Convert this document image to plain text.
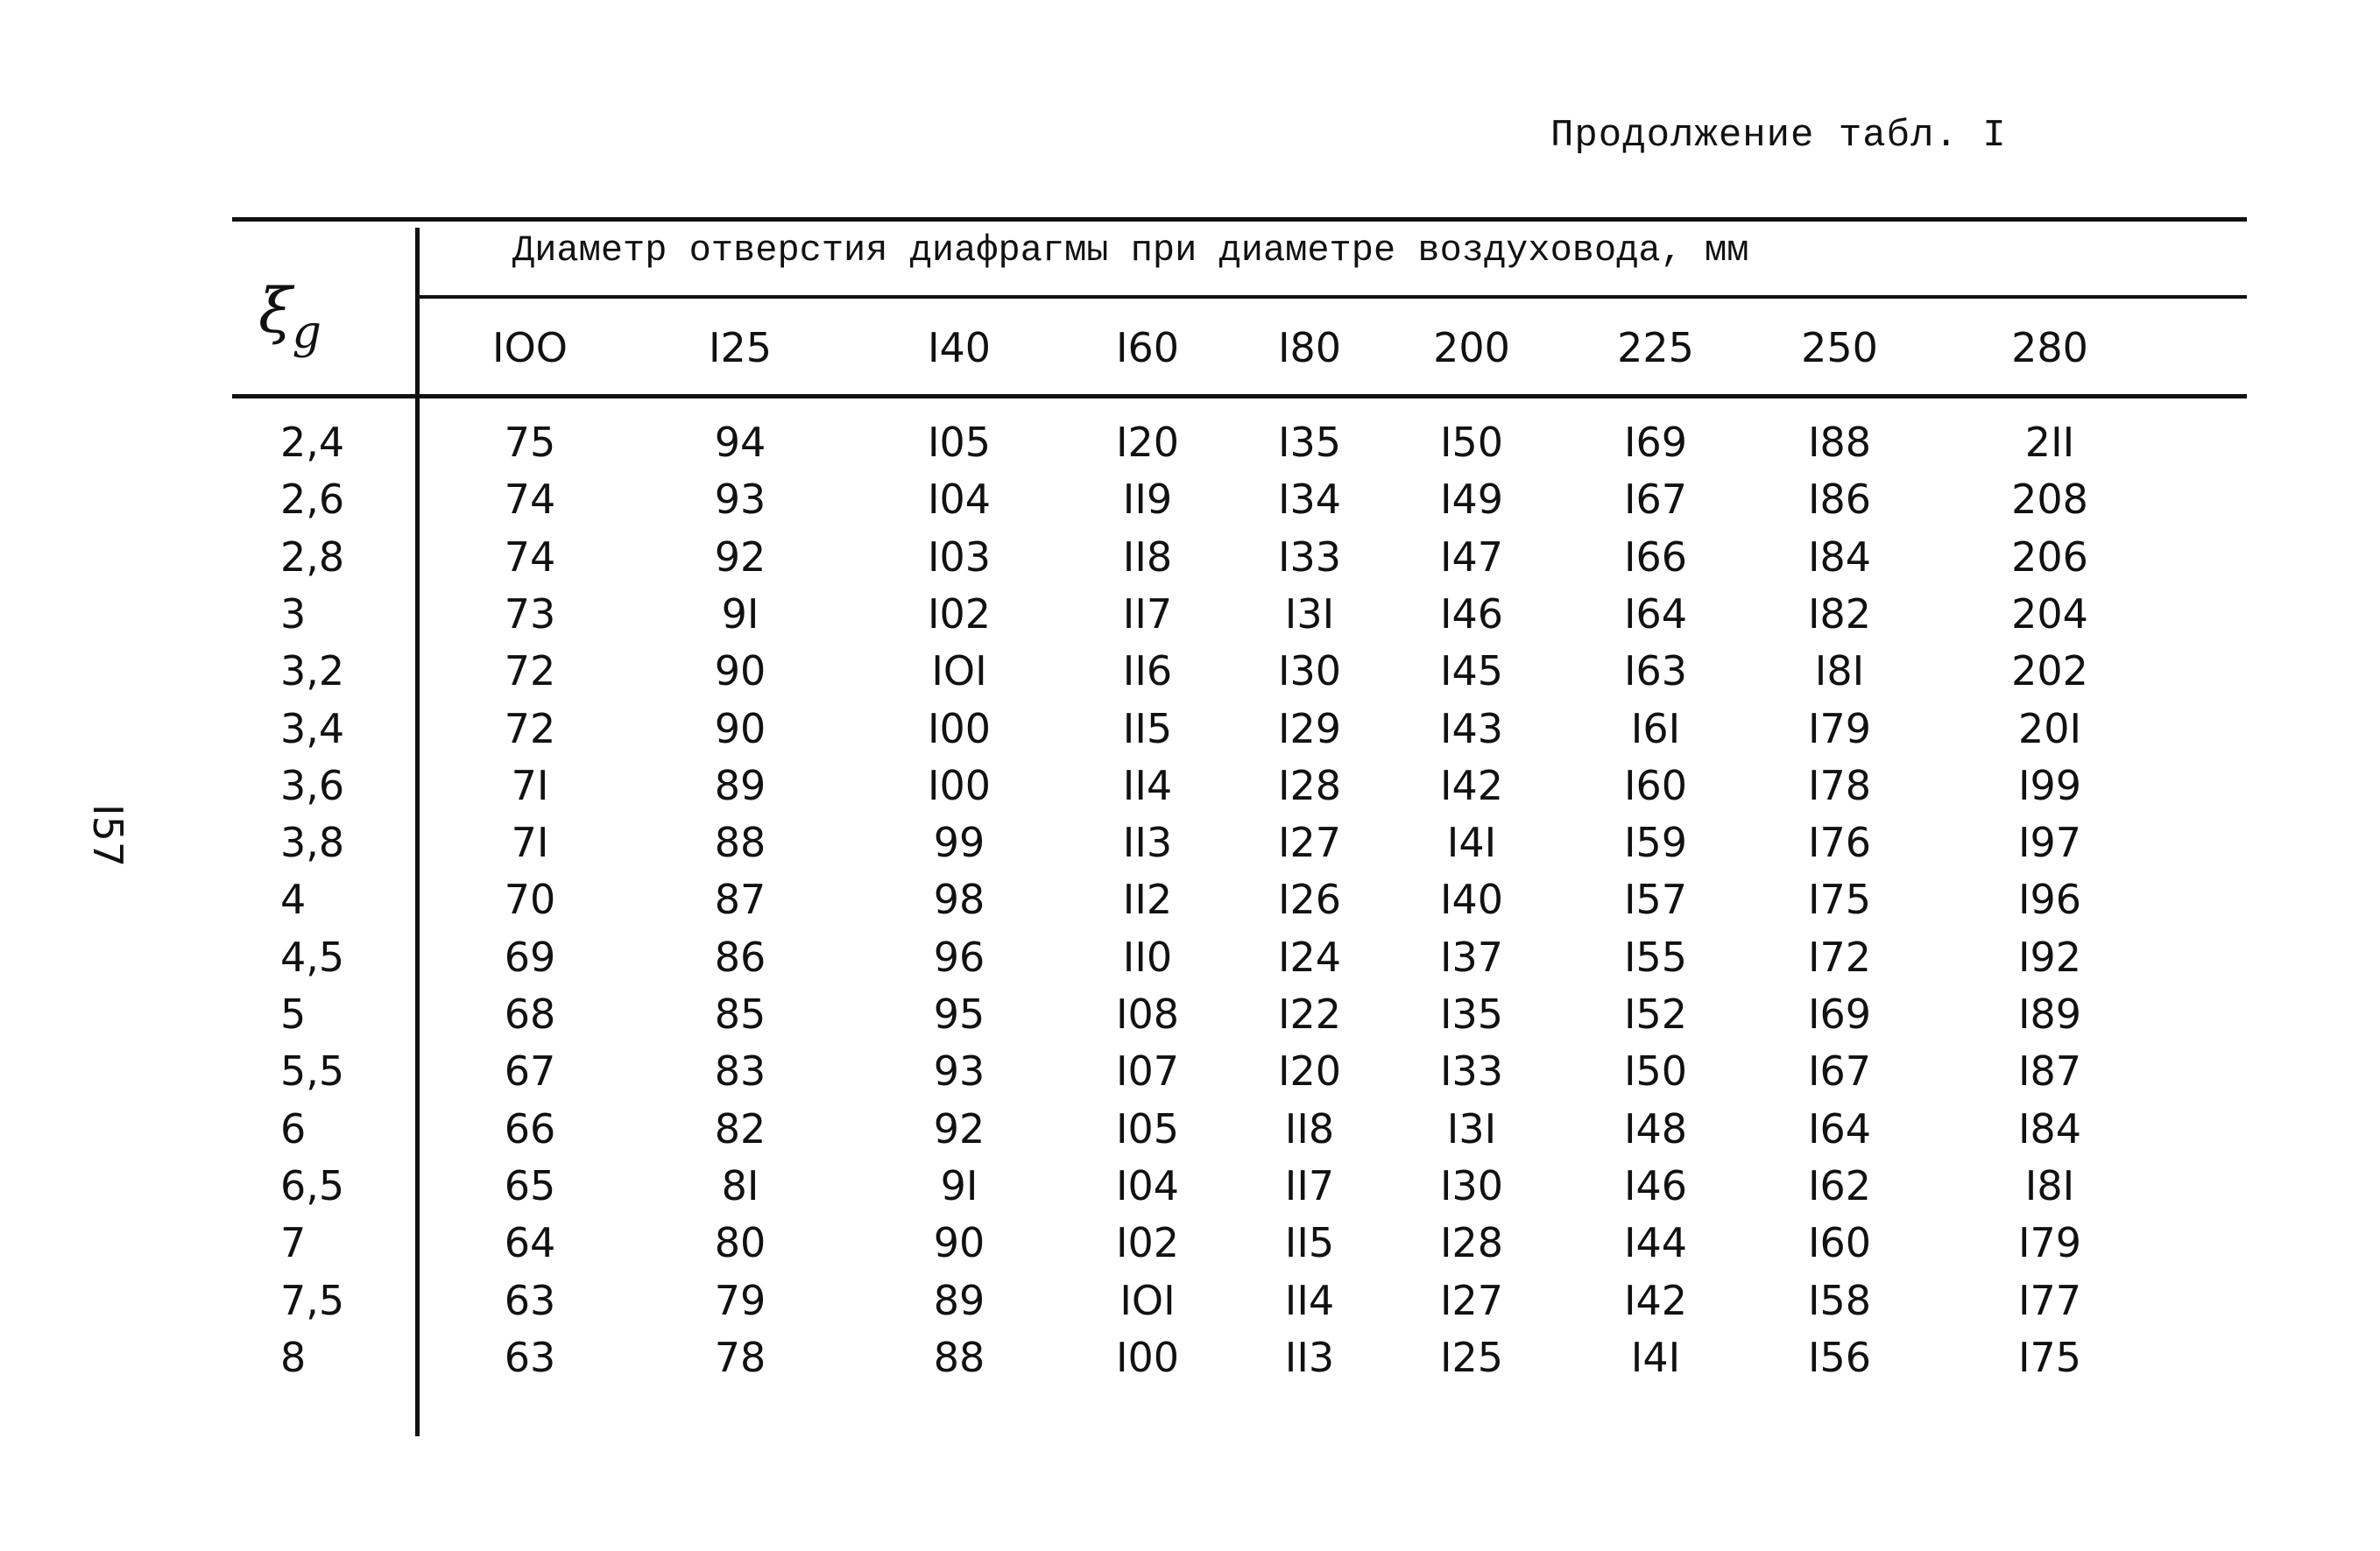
Продолжение табл. I
I57
$\xi_g$
Диаметр отверстия диафрагмы при диаметре воздуховода, мм
IOO	I25	I40	I60	I80	200	225	250	280
2,4	75	94	I05	I20	I35	I50	I69	I88	2II
2,6	74	93	I04	II9	I34	I49	I67	I86	208
2,8	74	92	I03	II8	I33	I47	I66	I84	206
3	73	9I	I02	II7	I3I	I46	I64	I82	204
3,2	72	90	IOI	II6	I30	I45	I63	I8I	202
3,4	72	90	I00	II5	I29	I43	I6I	I79	20I
3,6	7I	89	I00	II4	I28	I42	I60	I78	I99
3,8	7I	88	99	II3	I27	I4I	I59	I76	I97
4	70	87	98	II2	I26	I40	I57	I75	I96
4,5	69	86	96	II0	I24	I37	I55	I72	I92
5	68	85	95	I08	I22	I35	I52	I69	I89
5,5	67	83	93	I07	I20	I33	I50	I67	I87
6	66	82	92	I05	II8	I3I	I48	I64	I84
6,5	65	8I	9I	I04	II7	I30	I46	I62	I8I
7	64	80	90	I02	II5	I28	I44	I60	I79
7,5	63	79	89	IOI	II4	I27	I42	I58	I77
8	63	78	88	I00	II3	I25	I4I	I56	I75
